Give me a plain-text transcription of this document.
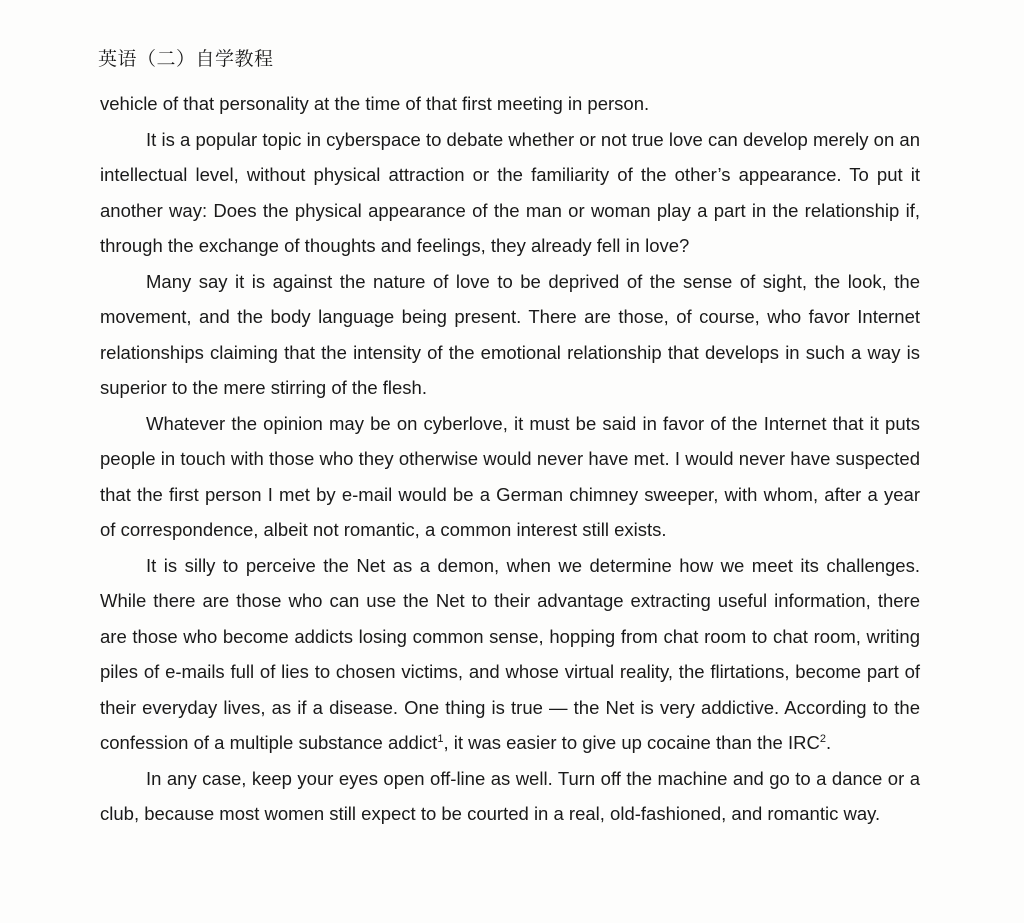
英语（二）自学教程

vehicle of that personality at the time of that first meeting in person.

It is a popular topic in cyberspace to debate whether or not true love can develop merely on an intellectual level, without physical attraction or the familiarity of the other’s appearance. To put it another way: Does the physical appearance of the man or woman play a part in the relationship if, through the exchange of thoughts and feelings, they already fell in love?

Many say it is against the nature of love to be deprived of the sense of sight, the look, the movement, and the body language being present. There are those, of course, who favor Internet relationships claiming that the intensity of the emotional relationship that develops in such a way is superior to the mere stirring of the flesh.

Whatever the opinion may be on cyberlove, it must be said in favor of the Internet that it puts people in touch with those who they otherwise would never have met. I would never have suspected that the first person I met by e-mail would be a German chimney sweeper, with whom, after a year of correspondence, albeit not romantic, a common interest still exists.

It is silly to perceive the Net as a demon, when we determine how we meet its challenges. While there are those who can use the Net to their advantage extracting useful information, there are those who become addicts losing common sense, hopping from chat room to chat room, writing piles of e-mails full of lies to chosen victims, and whose virtual reality, the flirtations, become part of their everyday lives, as if a disease. One thing is true — the Net is very addictive. According to the confession of a multiple substance addict$^1$, it was easier to give up cocaine than the IRC$^2$.

In any case, keep your eyes open off-line as well. Turn off the machine and go to a dance or a club, because most women still expect to be courted in a real, old-fashioned, and romantic way.
